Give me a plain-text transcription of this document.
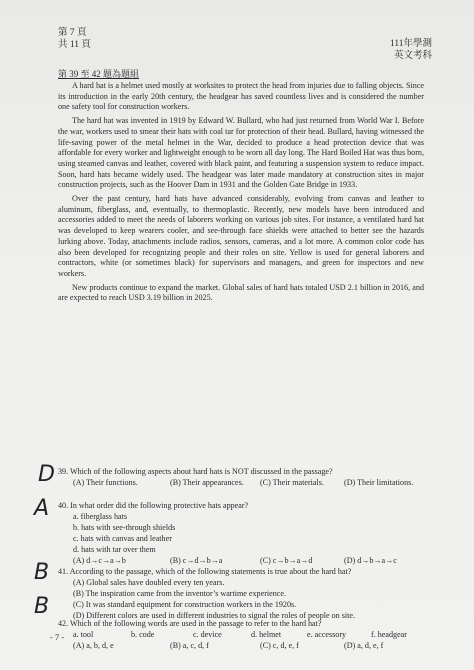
第 7 頁
共 11 頁	111年學測
英文考科
第 39 至 42 題為題組

A hard hat is a helmet used mostly at worksites to protect the head from injuries due to falling objects. Since its introduction in the early 20th century, the headgear has saved countless lives and is considered the number one safety tool for construction workers.

The hard hat was invented in 1919 by Edward W. Bullard, who had just returned from World War I. Before the war, workers used to smear their hats with coal tar for protection of their head. Bullard, having witnessed the life-saving power of the metal helmet in the War, decided to produce a head protection device that was affordable for every worker and lightweight enough to be worn all day long. The Hard Boiled Hat was thus born, using steamed canvas and leather, covered with black paint, and featuring a suspension system to reduce impact. Soon, hard hats became widely used. The headgear was later made mandatory at construction sites in major construction projects, such as the Hoover Dam in 1931 and the Golden Gate Bridge in 1933.

Over the past century, hard hats have advanced considerably, evolving from canvas and leather to aluminum, fiberglass, and, eventually, to thermoplastic. Recently, new models have been introduced and accessories added to meet the needs of laborers working on various job sites. For instance, a ventilated hard hat was developed to keep wearers cooler, and see-through face shields were attached to better see the hazards lurking above. Today, attachments include radios, sensors, cameras, and a lot more. A common color code has also been developed for recognizing people and their roles on site. Yellow is used for general laborers and contractors, white (or sometimes black) for supervisors and managers, and green for inspectors and new workers.

New products continue to expand the market. Global sales of hard hats totaled USD 2.1 billion in 2016, and are expected to reach USD 3.19 billion in 2025.

D 39. Which of the following aspects about hard hats is NOT discussed in the passage?
(A) Their functions.	(B) Their appearances.	(C) Their materials.	(D) Their limitations.
A 40. In what order did the following protective hats appear?
a. fiberglass hats
b. hats with see-through shields
c. hats with canvas and leather
d. hats with tar over them
(A) d→c→a→b	(B) c→d→b→a	(C) c→b→a→d	(D) d→b→a→c
B 41. According to the passage, which of the following statements is true about the hard hat?
(A) Global sales have doubled every ten years.
(B) The inspiration came from the inventor’s wartime experience.
(C) It was standard equipment for construction workers in the 1920s.
(D) Different colors are used in different industries to signal the roles of people on site.
B
42. Which of the following words are used in the passage to refer to the hard hat?
a. tool	b. code	c. device	d. helmet	e. accessory	f. headgear
(A) a, b, d, e	(B) a, c, d, f	(C) c, d, e, f	(D) a, d, e, f
- 7 -
